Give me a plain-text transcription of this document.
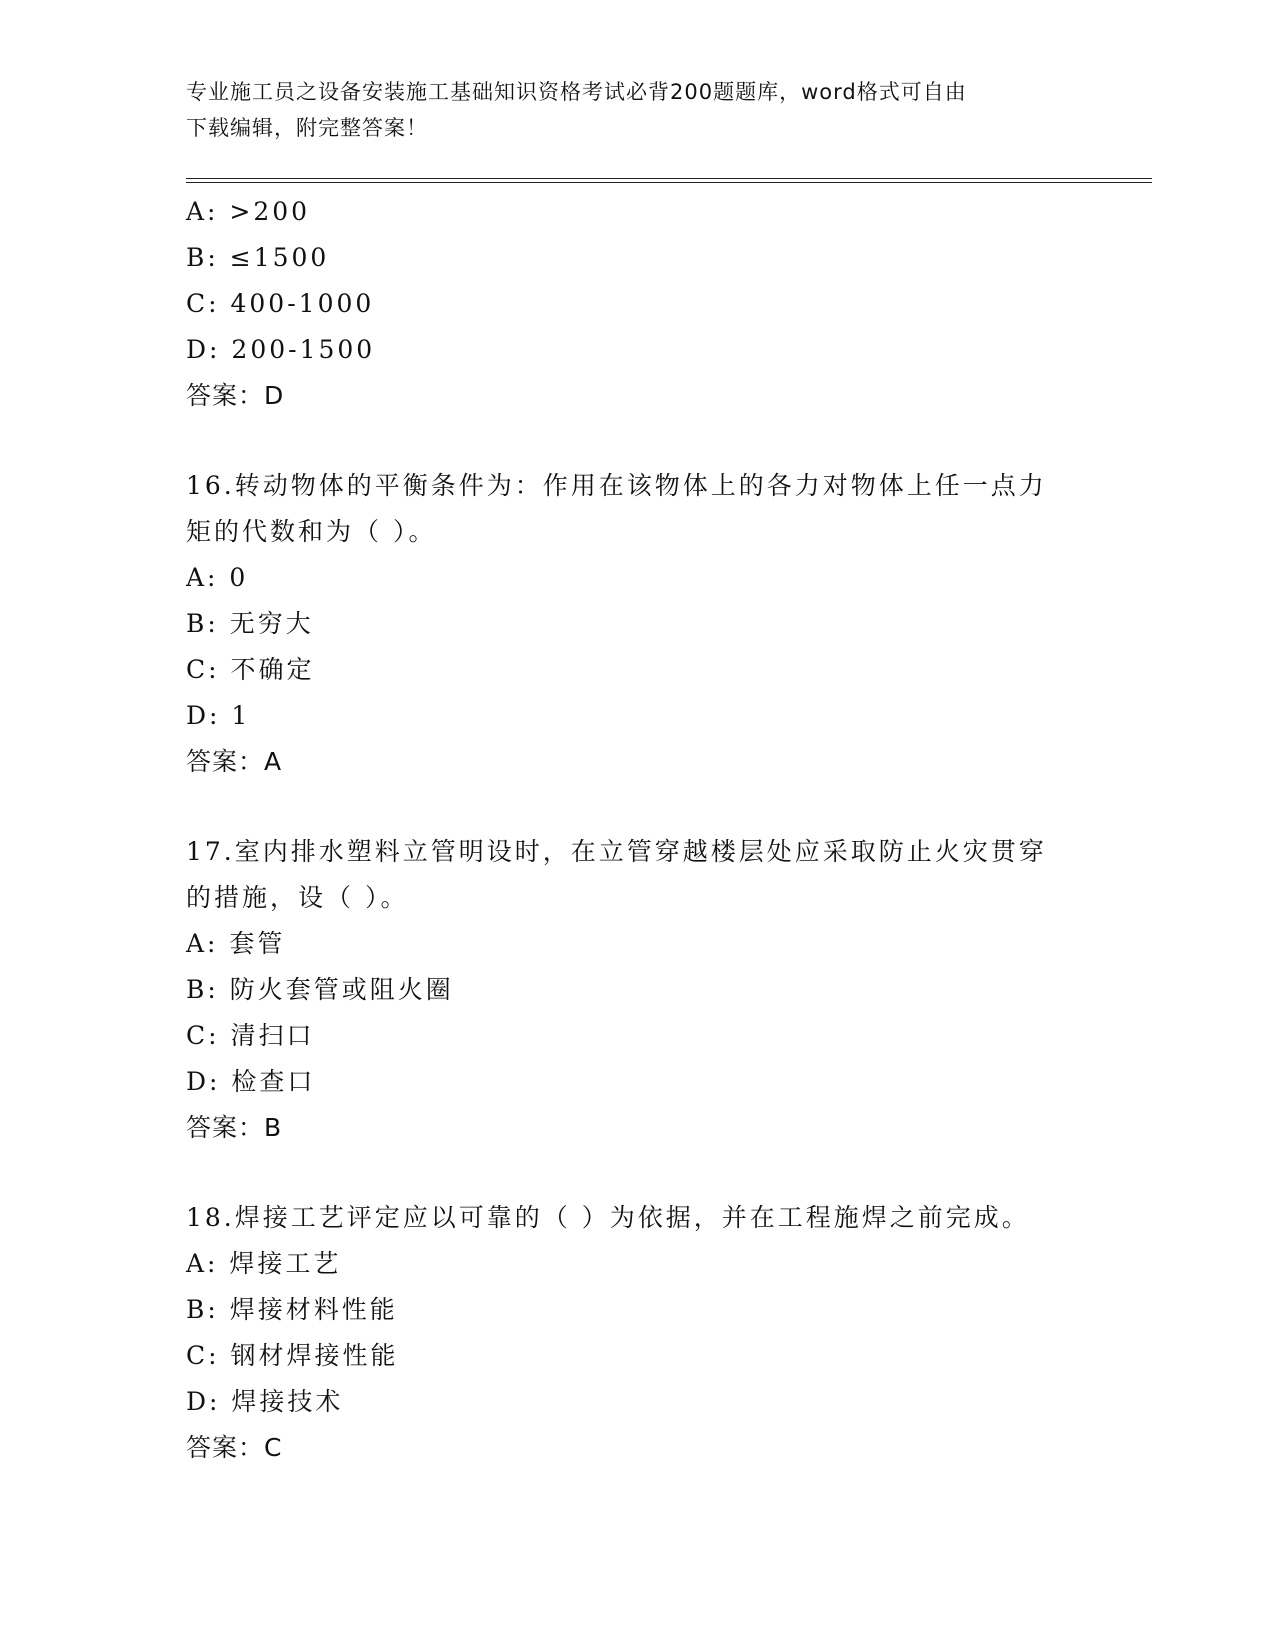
专业施工员之设备安装施工基础知识资格考试必背200题题库，word格式可自由
下载编辑，附完整答案！
A: >200
B: ≤1500
C: 400-1000
D: 200-1500
答案：D
16.转动物体的平衡条件为：作用在该物体上的各力对物体上任一点力
矩的代数和为（ ）。
A: 0
B: 无穷大
C: 不确定
D: 1
答案：A
17.室内排水塑料立管明设时，在立管穿越楼层处应采取防止火灾贯穿
的措施，设（ ）。
A: 套管
B: 防火套管或阻火圈
C: 清扫口
D: 检查口
答案：B
18.焊接工艺评定应以可靠的（ ）为依据，并在工程施焊之前完成。
A: 焊接工艺
B: 焊接材料性能
C: 钢材焊接性能
D: 焊接技术
答案：C
